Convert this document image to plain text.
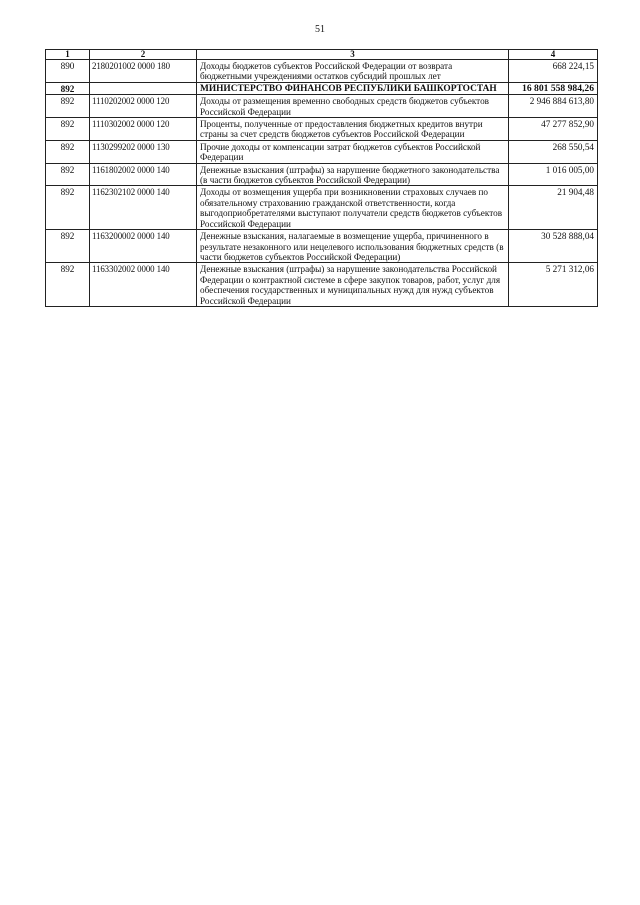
51
1	2	3	4
890	2180201002 0000 180	Доходы бюджетов субъектов Российской Федерации от возврата бюджетными учреждениями остатков субсидий прошлых лет	668 224,15
892		МИНИСТЕРСТВО ФИНАНСОВ РЕСПУБЛИКИ БАШКОРТОСТАН	16 801 558 984,26
892	1110202002 0000 120	Доходы от размещения временно свободных средств бюджетов субъектов Российской Федерации	2 946 884 613,80
892	1110302002 0000 120	Проценты, полученные от предоставления бюджетных кредитов внутри страны за счет средств бюджетов субъектов Российской Федерации	47 277 852,90
892	1130299202 0000 130	Прочие доходы от компенсации затрат бюджетов субъектов Российской Федерации	268 550,54
892	1161802002 0000 140	Денежные взыскания (штрафы) за нарушение бюджетного законодательства (в части бюджетов субъектов Российской Федерации)	1 016 005,00
892	1162302102 0000 140	Доходы от возмещения ущерба при возникновении страховых случаев по обязательному страхованию гражданской ответственности, когда выгодоприобретателями выступают получатели средств бюджетов субъектов Российской Федерации	21 904,48
892	1163200002 0000 140	Денежные взыскания, налагаемые в возмещение ущерба, причиненного в результате незаконного или нецелевого использования бюджетных средств (в части бюджетов субъектов Российской Федерации)	30 528 888,04
892	1163302002 0000 140	Денежные взыскания (штрафы) за нарушение законодательства Российской Федерации о контрактной системе в сфере закупок товаров, работ, услуг для обеспечения государственных и муниципальных нужд для нужд субъектов Российской Федерации	5 271 312,06
